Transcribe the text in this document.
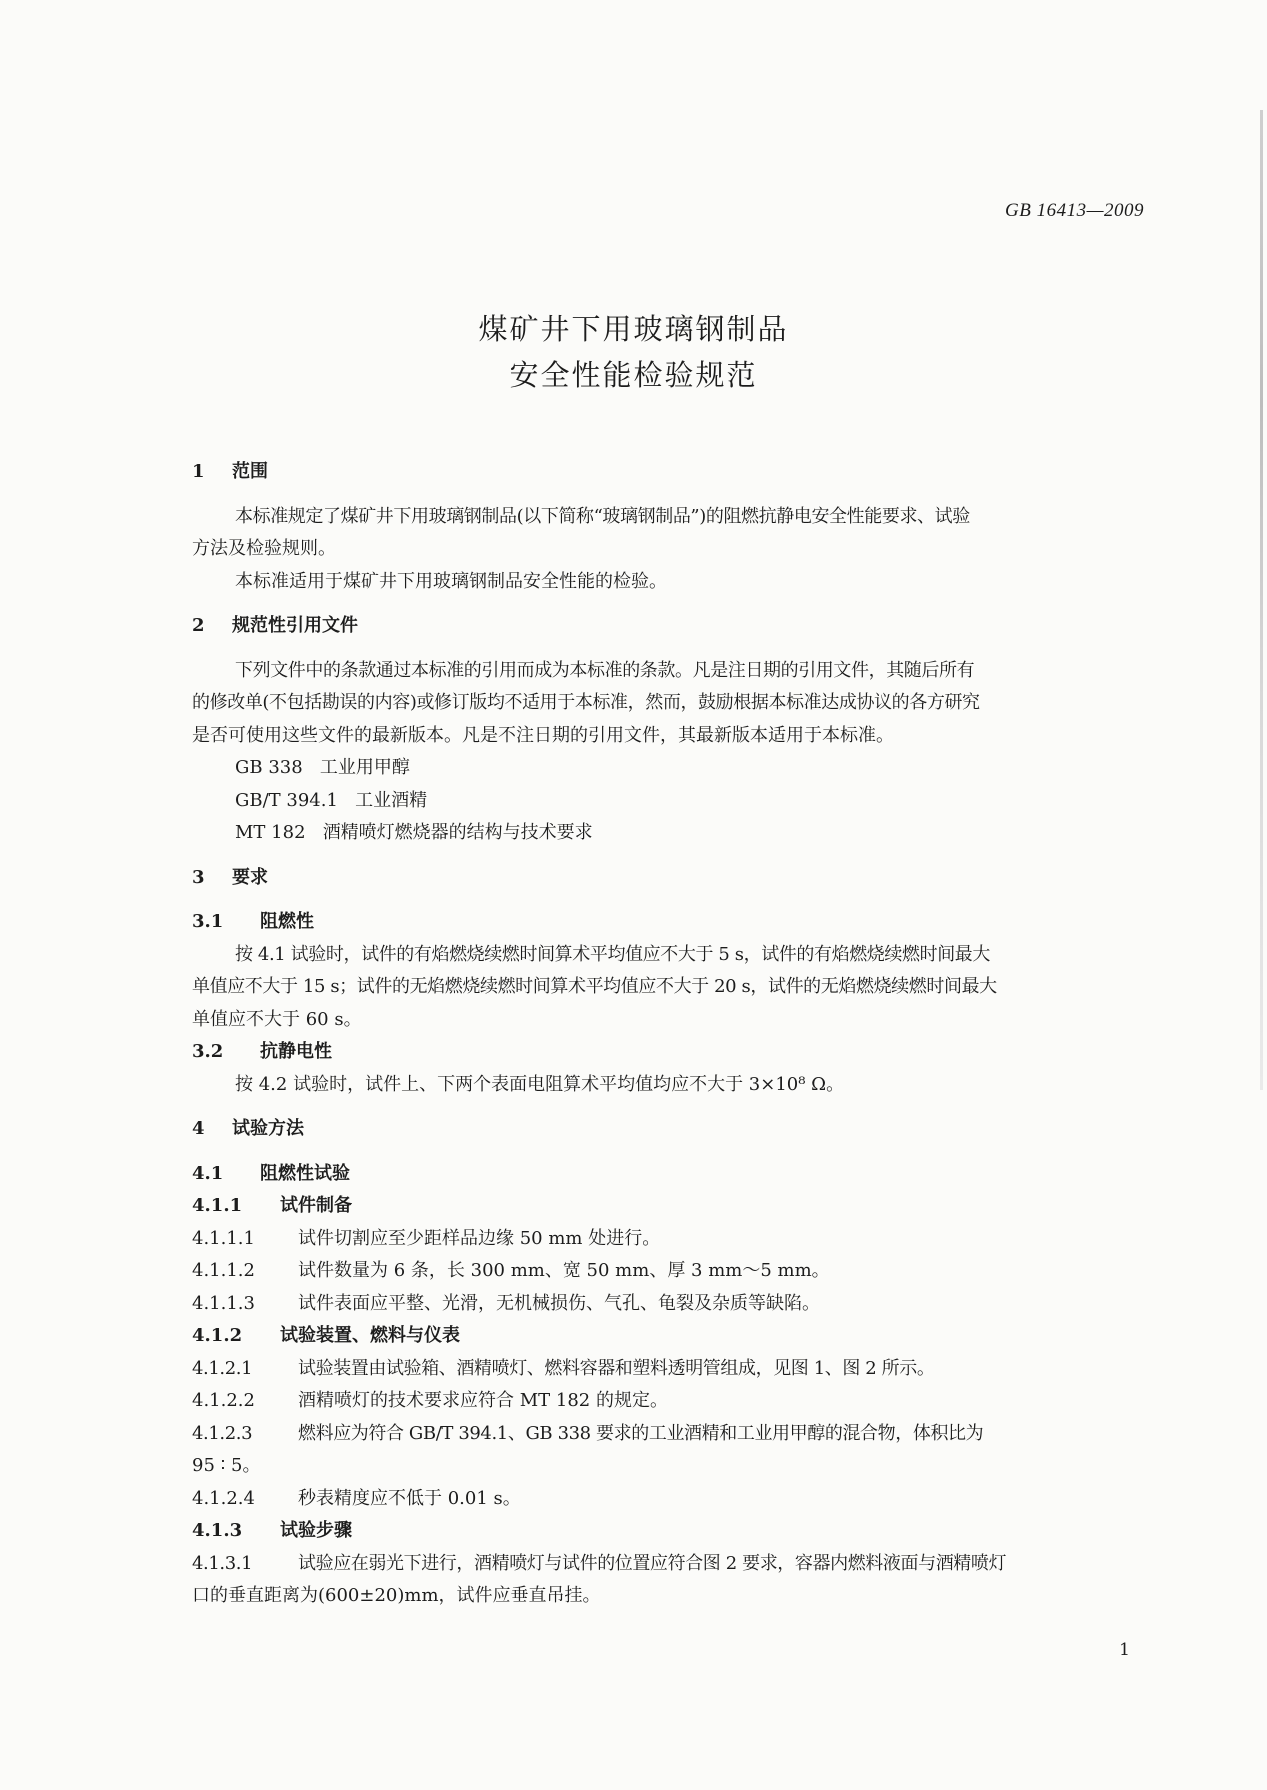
GB 16413—2009
煤矿井下用玻璃钢制品
安全性能检验规范
1 范围
本标准规定了煤矿井下用玻璃钢制品(以下简称“玻璃钢制品”)的阻燃抗静电安全性能要求、试验
方法及检验规则。
本标准适用于煤矿井下用玻璃钢制品安全性能的检验。
2 规范性引用文件
下列文件中的条款通过本标准的引用而成为本标准的条款。凡是注日期的引用文件，其随后所有
的修改单(不包括勘误的内容)或修订版均不适用于本标准，然而，鼓励根据本标准达成协议的各方研究
是否可使用这些文件的最新版本。凡是不注日期的引用文件，其最新版本适用于本标准。
GB 338 工业用甲醇
GB/T 394.1 工业酒精
MT 182 酒精喷灯燃烧器的结构与技术要求
3 要求
3.1 阻燃性
按 4.1 试验时，试件的有焰燃烧续燃时间算术平均值应不大于 5 s，试件的有焰燃烧续燃时间最大
单值应不大于 15 s；试件的无焰燃烧续燃时间算术平均值应不大于 20 s，试件的无焰燃烧续燃时间最大
单值应不大于 60 s。
3.2 抗静电性
按 4.2 试验时，试件上、下两个表面电阻算术平均值均应不大于 3×10⁸ Ω。
4 试验方法
4.1 阻燃性试验
4.1.1 试件制备
4.1.1.1 试件切割应至少距样品边缘 50 mm 处进行。
4.1.1.2 试件数量为 6 条，长 300 mm、宽 50 mm、厚 3 mm～5 mm。
4.1.1.3 试件表面应平整、光滑，无机械损伤、气孔、龟裂及杂质等缺陷。
4.1.2 试验装置、燃料与仪表
4.1.2.1	试验装置由试验箱、酒精喷灯、燃料容器和塑料透明管组成，见图 1、图 2 所示。
4.1.2.2 酒精喷灯的技术要求应符合 MT 182 的规定。
4.1.2.3	燃料应为符合 GB/T 394.1、GB 338 要求的工业酒精和工业用甲醇的混合物，体积比为
95 ∶ 5。
4.1.2.4 秒表精度应不低于 0.01 s。
4.1.3 试验步骤
4.1.3.1	试验应在弱光下进行，酒精喷灯与试件的位置应符合图 2 要求，容器内燃料液面与酒精喷灯
口的垂直距离为(600±20)mm，试件应垂直吊挂。
1
